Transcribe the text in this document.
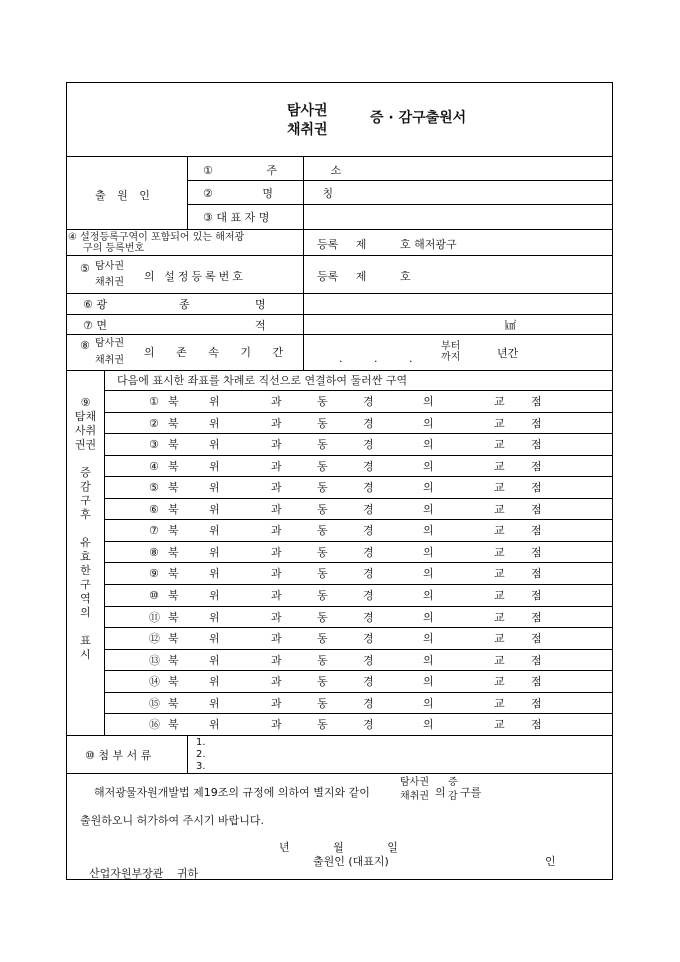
탐사권
채취권
증 · 감구출원서
출 원 인
① 주 소
② 명 칭
③ 대 표 자 명
④ 설정등록구역이 포함되어 있는 해저광
구의 등록번호	등록 제	호 해저광구
⑤ 탐사권
채취권 의 설정등록번호	등록 제	호
⑥ 광	종	명
⑦ 면	적	㎢
⑧ 탐사권
채취권
의 존 속 기 간	. . .
부터
까지	년간
⑨
탐채
사취
권권
증
감
구
후
유
효
한
구
역
의
표
시
다음에 표시한 좌표를 차례로 직선으로 연결하여 둘러싼 구역
① 북	위	과	동	경	의	교 점
② 북	위	과	동	경	의	교 점
③ 북	위	과	동	경	의	교 점
④ 북	위	과	동	경	의	교 점
⑤ 북	위	과	동	경	의	교 점
⑥ 북	위	과	동	경	의	교 점
⑦ 북	위	과	동	경	의	교 점
⑧ 북	위	과	동	경	의	교 점
⑨ 북	위	과	동	경	의	교 점
⑩ 북	위	과	동	경	의	교 점
⑪ 북	위	과	동	경	의	교 점
⑫ 북	위	과	동	경	의	교 점
⑬ 북	위	과	동	경	의	교 점
⑭ 북	위	과	동	경	의	교 점
⑮ 북	위	과	동	경	의	교 점
⑯ 북	위	과	동	경	의	교 점
⑩ 첨 부 서 류
1.
2.
3.
해저광물자원개발법 제19조의 규정에 의하여 별지와 같이
탐사권
채취권 의
증
감 구를
출원하오니 허가하여 주시기 바랍니다.
년 월 일
출원인 (대표지)	인
산업자원부장관 귀하
